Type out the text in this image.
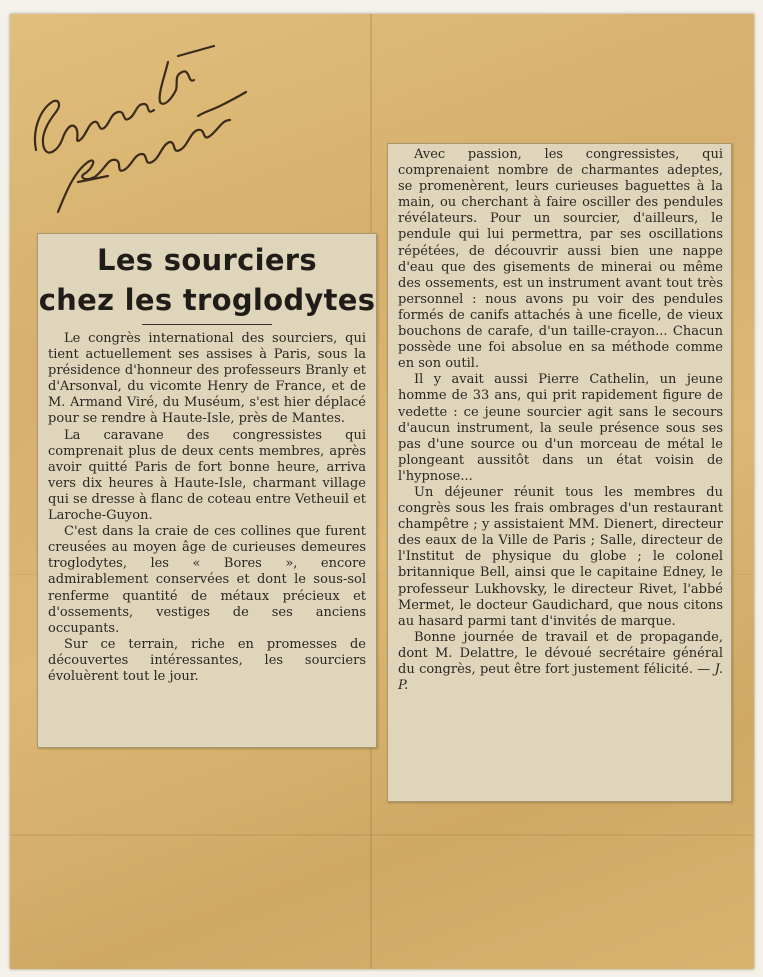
Les sourciers
chez les troglodytes

Le congrès international des sourciers, qui tient actuellement ses assises à Paris, sous la présidence d'honneur des professeurs Branly et d'Arsonval, du vicomte Henry de France, et de M. Armand Viré, du Muséum, s'est hier déplacé pour se rendre à Haute-Isle, près de Mantes.

La caravane des congressistes qui comprenait plus de deux cents membres, après avoir quitté Paris de fort bonne heure, arriva vers dix heures à Haute-Isle, charmant village qui se dresse à flanc de coteau entre Vetheuil et Laroche-Guyon.

C'est dans la craie de ces collines que furent creusées au moyen âge de curieuses demeures troglodytes, les « Bores », encore admirablement conservées et dont le sous-sol renferme quantité de métaux précieux et d'ossements, vestiges de ses anciens occupants.

Sur ce terrain, riche en promesses de découvertes intéressantes, les sourciers évoluèrent tout le jour.

Avec passion, les congressistes, qui comprenaient nombre de charmantes adeptes, se promenèrent, leurs curieuses baguettes à la main, ou cherchant à faire osciller des pendules révélateurs. Pour un sourcier, d'ailleurs, le pendule qui lui permettra, par ses oscillations répétées, de découvrir aussi bien une nappe d'eau que des gisements de minerai ou même des ossements, est un instrument avant tout très personnel : nous avons pu voir des pendules formés de canifs attachés à une ficelle, de vieux bouchons de carafe, d'un taille-crayon... Chacun possède une foi absolue en sa méthode comme en son outil.

Il y avait aussi Pierre Cathelin, un jeune homme de 33 ans, qui prit rapidement figure de vedette : ce jeune sourcier agit sans le secours d'aucun instrument, la seule présence sous ses pas d'une source ou d'un morceau de métal le plongeant aussitôt dans un état voisin de l'hypnose...

Un déjeuner réunit tous les membres du congrès sous les frais ombrages d'un restaurant champêtre ; y assistaient MM. Dienert, directeur des eaux de la Ville de Paris ; Salle, directeur de l'Institut de physique du globe ; le colonel britannique Bell, ainsi que le capitaine Edney, le professeur Lukhovsky, le directeur Rivet, l'abbé Mermet, le docteur Gaudichard, que nous citons au hasard parmi tant d'invités de marque.

Bonne journée de travail et de propagande, dont M. Delattre, le dévoué secrétaire général du congrès, peut être fort justement félicité. — J. P.
